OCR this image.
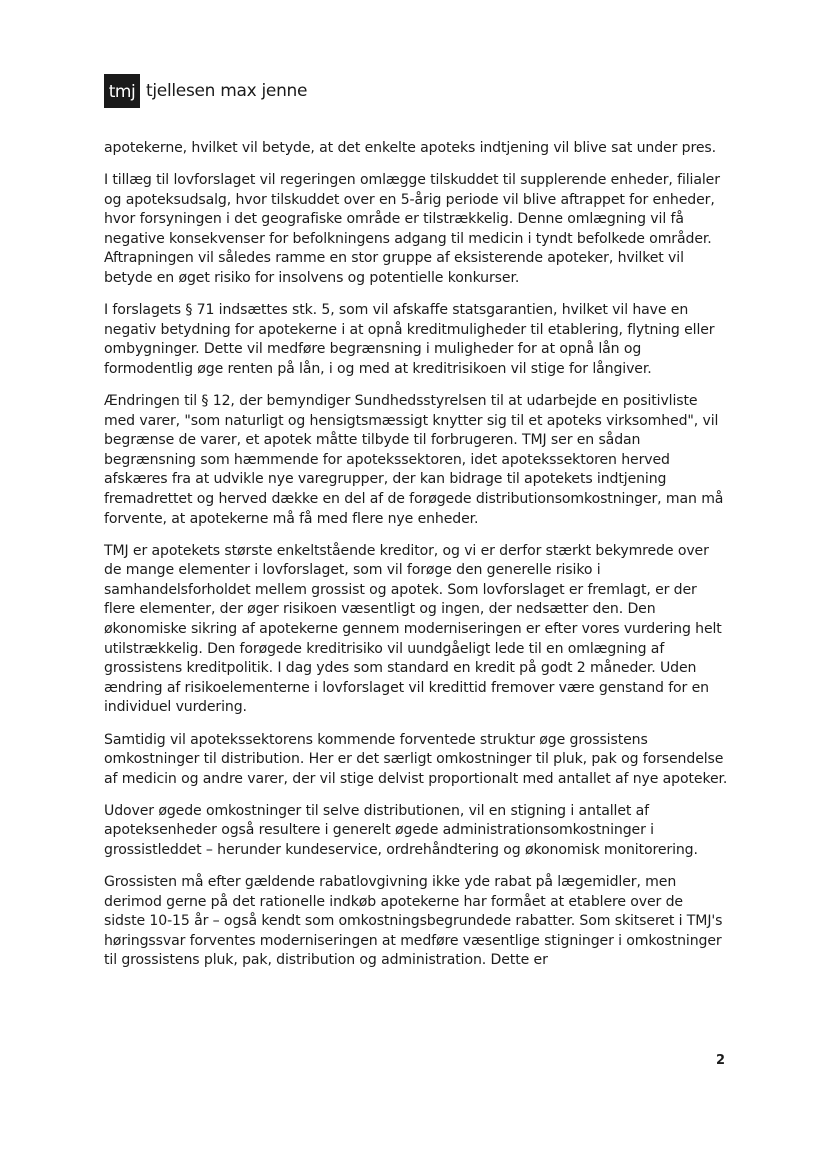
tmj tjellesen max jenne

apotekerne, hvilket vil betyde, at det enkelte apoteks indtjening vil blive sat under pres.

I tillæg til lovforslaget vil regeringen omlægge tilskuddet til supplerende enheder, filialer og apoteksudsalg, hvor tilskuddet over en 5-årig periode vil blive aftrappet for enheder, hvor forsyningen i det geografiske område er tilstrækkelig. Denne omlægning vil få negative konsekvenser for befolkningens adgang til medicin i tyndt befolkede områder. Aftrapningen vil således ramme en stor gruppe af eksisterende apoteker, hvilket vil betyde en øget risiko for insolvens og potentielle konkurser.

I forslagets § 71 indsættes stk. 5, som vil afskaffe statsgarantien, hvilket vil have en negativ betydning for apotekerne i at opnå kreditmuligheder til etablering, flytning eller ombygninger. Dette vil medføre begrænsning i muligheder for at opnå lån og formodentlig øge renten på lån, i og med at kreditrisikoen vil stige for långiver.

Ændringen til § 12, der bemyndiger Sundhedsstyrelsen til at udarbejde en positivliste med varer, "som naturligt og hensigtsmæssigt knytter sig til et apoteks virksomhed", vil begrænse de varer, et apotek måtte tilbyde til forbrugeren. TMJ ser en sådan begrænsning som hæmmende for apotekssektoren, idet apotekssektoren herved afskæres fra at udvikle nye varegrupper, der kan bidrage til apotekets indtjening fremadrettet og herved dække en del af de forøgede distributionsomkostninger, man må forvente, at apotekerne må få med flere nye enheder.

TMJ er apotekets største enkeltstående kreditor, og vi er derfor stærkt bekymrede over de mange elementer i lovforslaget, som vil forøge den generelle risiko i samhandelsforholdet mellem grossist og apotek. Som lovforslaget er fremlagt, er der flere elementer, der øger risikoen væsentligt og ingen, der nedsætter den. Den økonomiske sikring af apotekerne gennem moderniseringen er efter vores vurdering helt utilstrækkelig. Den forøgede kreditrisiko vil uundgåeligt lede til en omlægning af grossistens kreditpolitik. I dag ydes som standard en kredit på godt 2 måneder. Uden ændring af risikoelementerne i lovforslaget vil kredittid fremover være genstand for en individuel vurdering.

Samtidig vil apotekssektorens kommende forventede struktur øge grossistens omkostninger til distribution. Her er det særligt omkostninger til pluk, pak og forsendelse af medicin og andre varer, der vil stige delvist proportionalt med antallet af nye apoteker.

Udover øgede omkostninger til selve distributionen, vil en stigning i antallet af apoteksenheder også resultere i generelt øgede administrationsomkostninger i grossistleddet – herunder kundeservice, ordrehåndtering og økonomisk monitorering.

Grossisten må efter gældende rabatlovgivning ikke yde rabat på lægemidler, men derimod gerne på det rationelle indkøb apotekerne har formået at etablere over de sidste 10-15 år – også kendt som omkostningsbegrundede rabatter. Som skitseret i TMJ's høringssvar forventes moderniseringen at medføre væsentlige stigninger i omkostninger til grossistens pluk, pak, distribution og administration. Dette er

2
